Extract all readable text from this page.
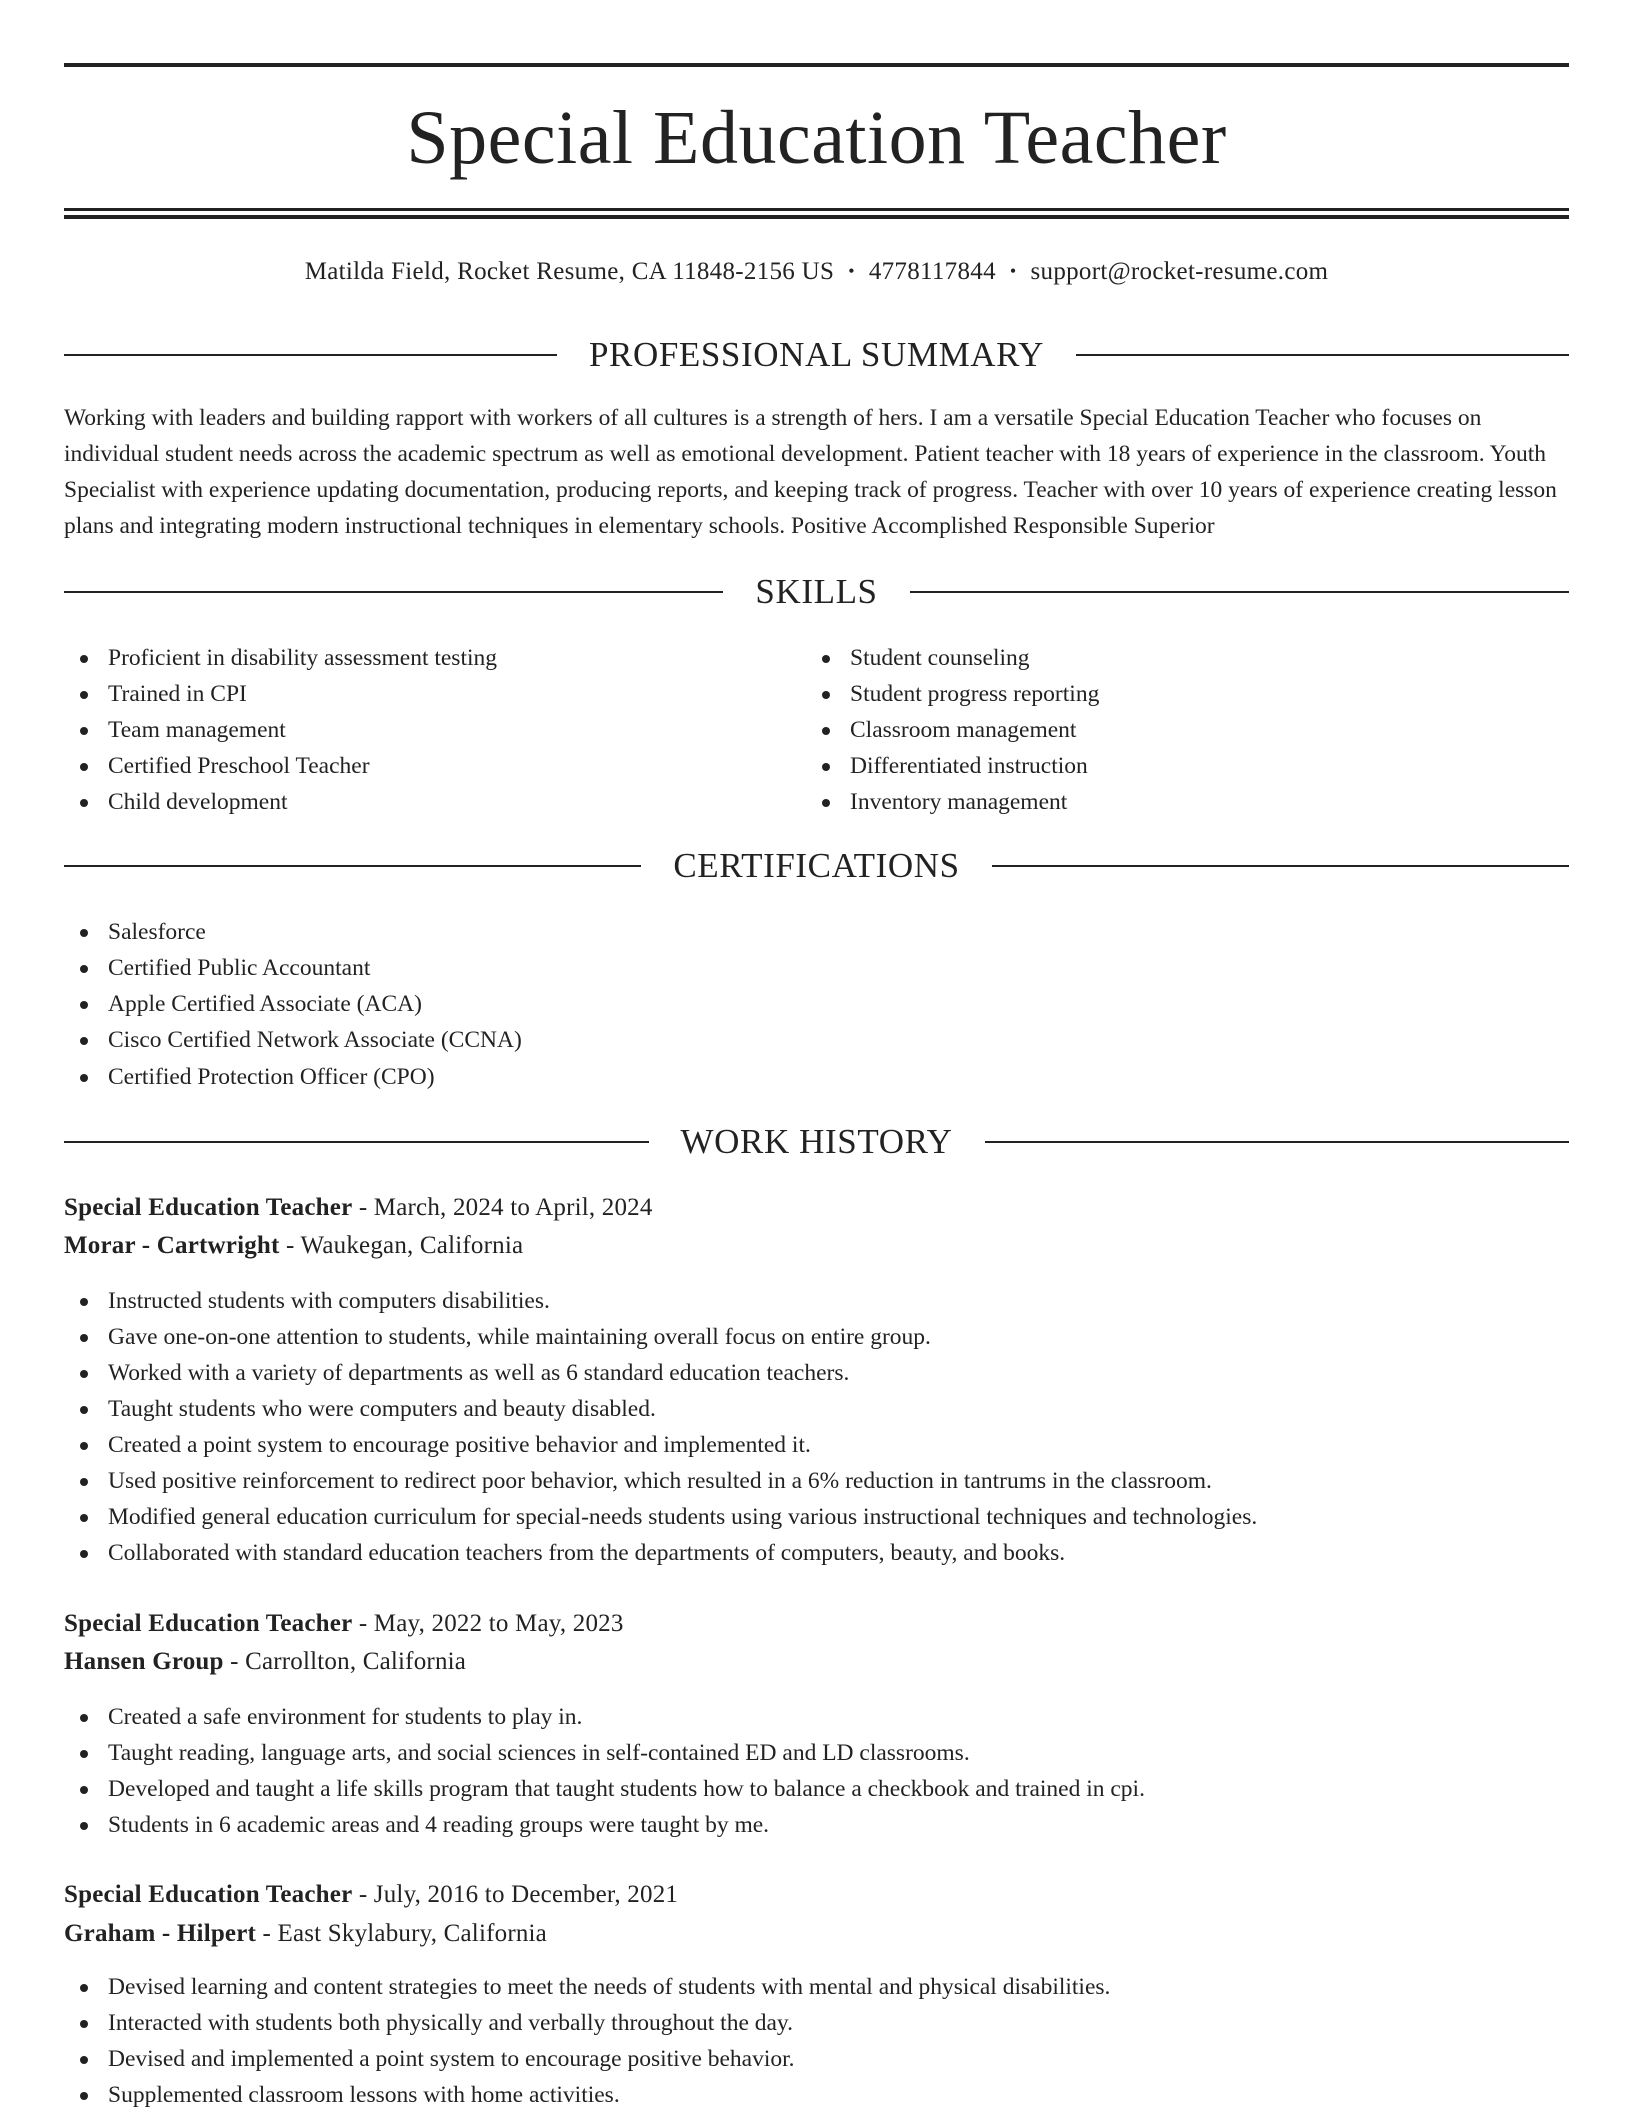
Special Education Teacher
Matilda Field, Rocket Resume, CA 11848-2156 US • 4778117844 • support@rocket-resume.com
PROFESSIONAL SUMMARY

Working with leaders and building rapport with workers of all cultures is a strength of hers. I am a versatile Special Education Teacher who focuses on individual student needs across the academic spectrum as well as emotional development. Patient teacher with 18 years of experience in the classroom. Youth Specialist with experience updating documentation, producing reports, and keeping track of progress. Teacher with over 10 years of experience creating lesson plans and integrating modern instructional techniques in elementary schools. Positive Accomplished Responsible Superior

SKILLS
Proficient in disability assessment testing
Trained in CPI
Team management
Certified Preschool Teacher
Child development
Student counseling
Student progress reporting
Classroom management
Differentiated instruction
Inventory management
CERTIFICATIONS
Salesforce
Certified Public Accountant
Apple Certified Associate (ACA)
Cisco Certified Network Associate (CCNA)
Certified Protection Officer (CPO)
WORK HISTORY
Special Education Teacher - March, 2024 to April, 2024
Morar - Cartwright - Waukegan, California
Instructed students with computers disabilities.
Gave one-on-one attention to students, while maintaining overall focus on entire group.
Worked with a variety of departments as well as 6 standard education teachers.
Taught students who were computers and beauty disabled.
Created a point system to encourage positive behavior and implemented it.
Used positive reinforcement to redirect poor behavior, which resulted in a 6% reduction in tantrums in the classroom.
Modified general education curriculum for special-needs students using various instructional techniques and technologies.
Collaborated with standard education teachers from the departments of computers, beauty, and books.
Special Education Teacher - May, 2022 to May, 2023
Hansen Group - Carrollton, California
Created a safe environment for students to play in.
Taught reading, language arts, and social sciences in self-contained ED and LD classrooms.
Developed and taught a life skills program that taught students how to balance a checkbook and trained in cpi.
Students in 6 academic areas and 4 reading groups were taught by me.
Special Education Teacher - July, 2016 to December, 2021
Graham - Hilpert - East Skylabury, California
Devised learning and content strategies to meet the needs of students with mental and physical disabilities.
Interacted with students both physically and verbally throughout the day.
Devised and implemented a point system to encourage positive behavior.
Supplemented classroom lessons with home activities.
